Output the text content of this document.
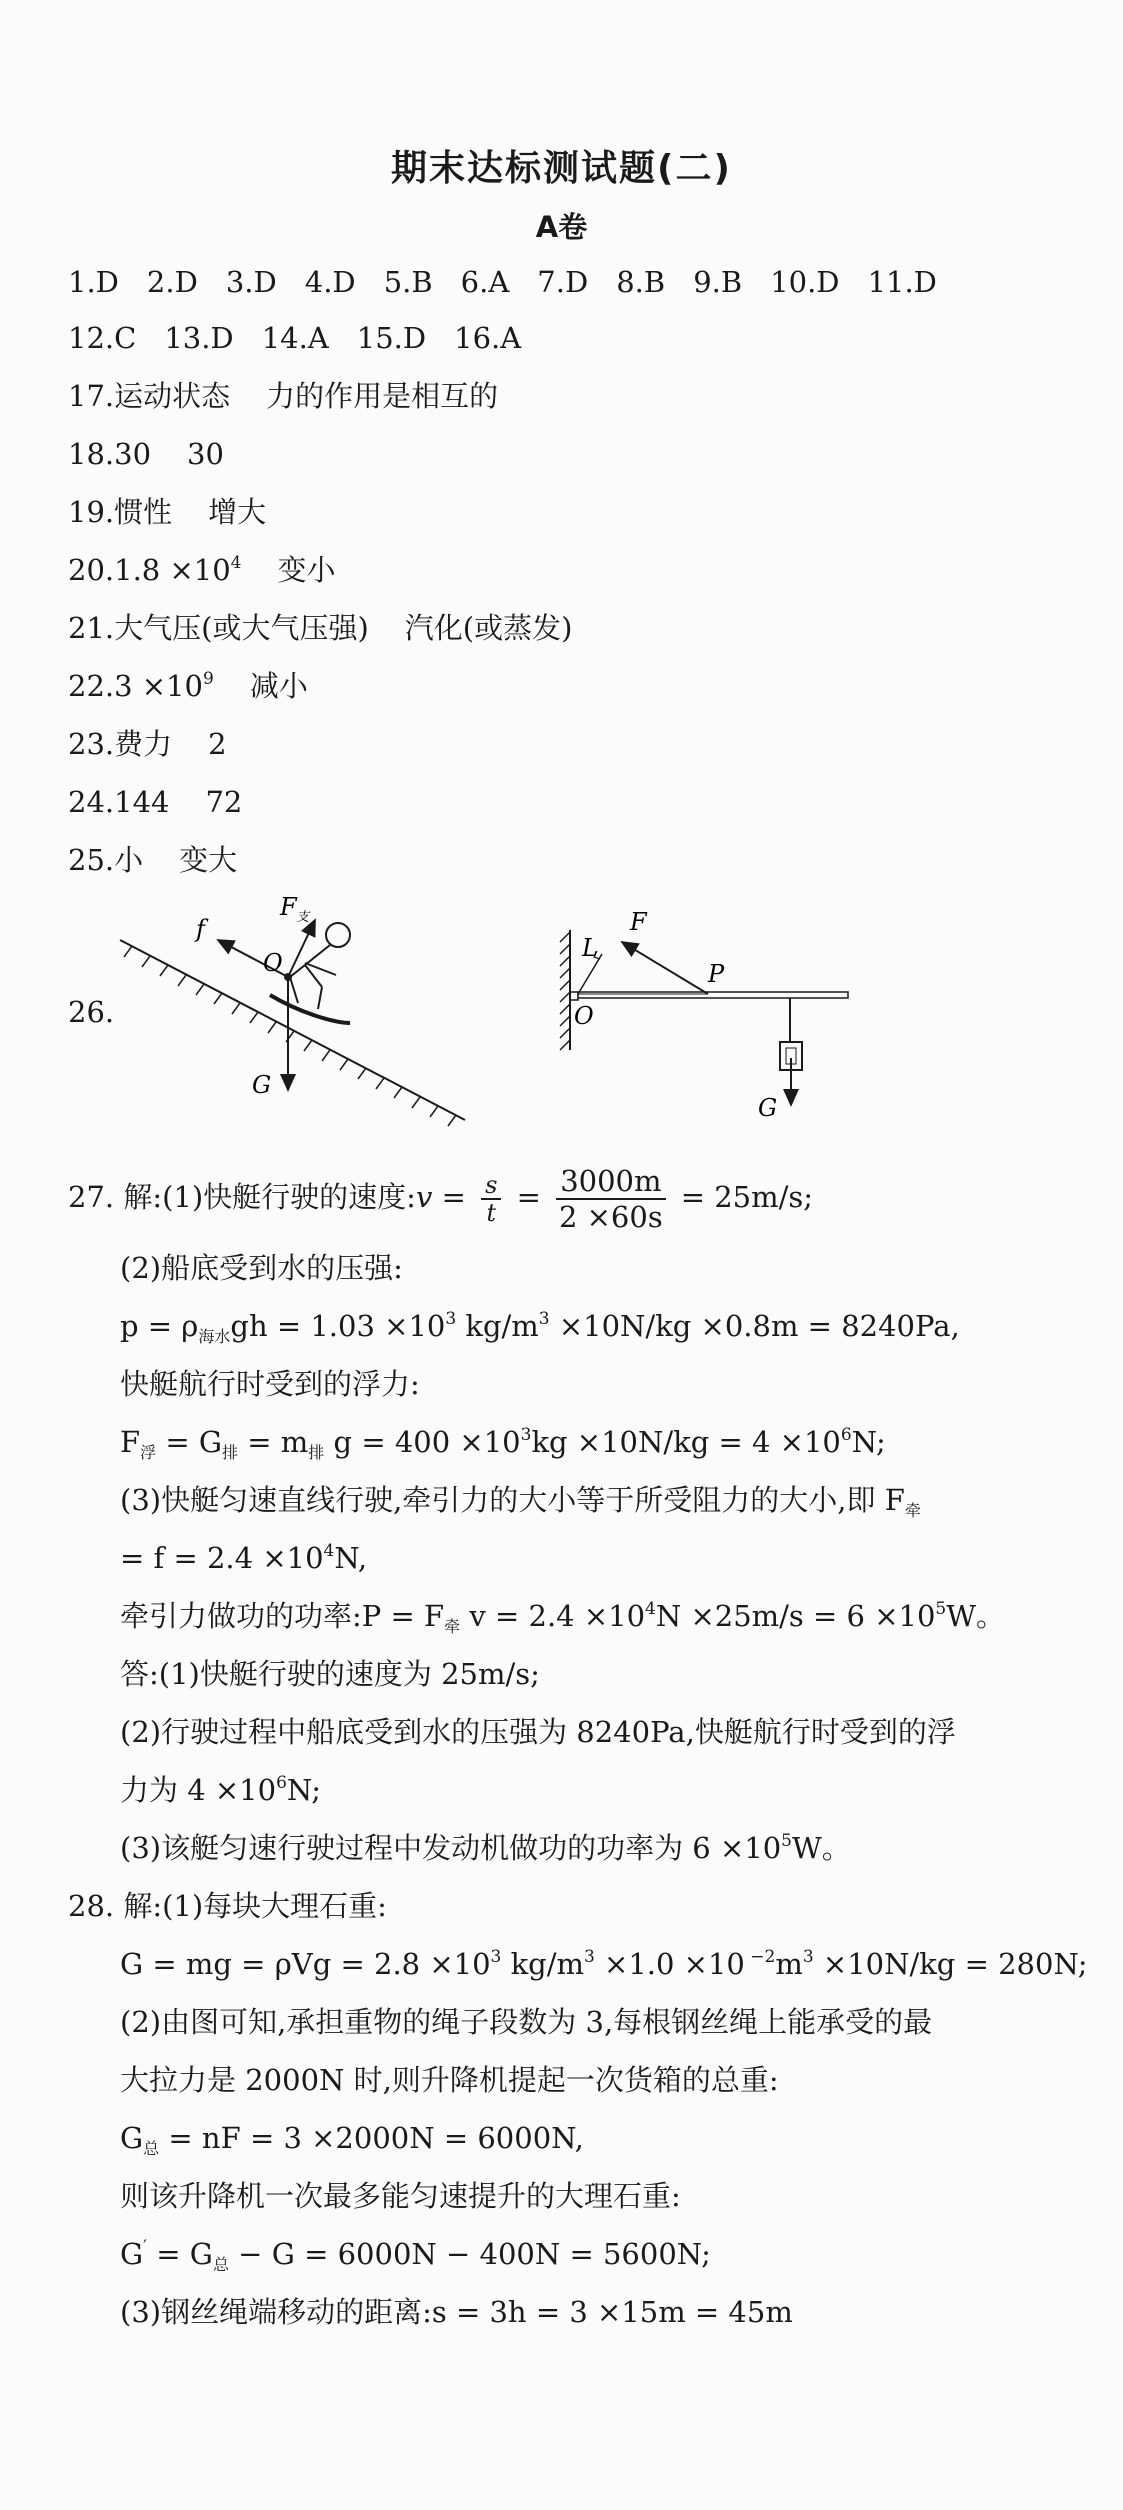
期末达标测试题(二)
A卷
1.D 2.D 3.D 4.D 5.B 6.A 7.D 8.B 9.B 10.D 11.D
12.C 13.D 14.A 15.D 16.A
17.运动状态 力的作用是相互的
18.30 30
19.惯性 增大
$20.1.8 \times 10^4$ 变小
21.大气压(或大气压强) 汽化(或蒸发)
$22.3 \times 10^9$ 减小
23.费力 2
24.144 72
25.小 变大
26.
f
F 支
O
G
F
L
P
O
G
27. 解:(1)快艇行驶的速度:v = $\frac{s}{t} = \frac{3000m}{2 \times 60s} = 25m/s$;
(2)船底受到水的压强:
$p = \rho_{海水}gh = 1.03 \times 10^3$ $kg/m^3 \times 10N/kg \times 0.8m = 8240Pa$,
快艇航行时受到的浮力:
$F_浮 = G_排 = m_排$ $g = 400 \times 10^3kg \times 10N/kg = 4 \times 10^6N$;
(3)快艇匀速直线行驶,牵引力的大小等于所受阻力的大小,即 $F_牵$
= $f = 2.4 \times 10^4N$,
牵引力做功的功率:P = $F_牵$ $v = 2.4 \times 10^4N \times 25m/s = 6 \times 10^5W$。
答:(1)快艇行驶的速度为 25m/s;
(2)行驶过程中船底受到水的压强为 8240Pa,快艇航行时受到的浮
力为 $4 \times 10^6N$;
(3)该艇匀速行驶过程中发动机做功的功率为 $6 \times 10^5W$。
28. 解:(1)每块大理石重:
G = mg = $\rho Vg = 2.8 \times 10^3$ $kg/m^3 \times 1.0 \times 10$ $^{-2}m^3 \times 10N/kg = 280N$;
(2)由图可知,承担重物的绳子段数为 3,每根钢丝绳上能承受的最
大拉力是 2000N 时,则升降机提起一次货箱的总重:
$G_总$ = nF = 3 ×2000N = 6000N,
则该升降机一次最多能匀速提升的大理石重:
$G' = G_总 - G = 6000N - 400N = 5600N$;
(3)钢丝绳端移动的距离:s = 3h = 3 ×15m = 45m
